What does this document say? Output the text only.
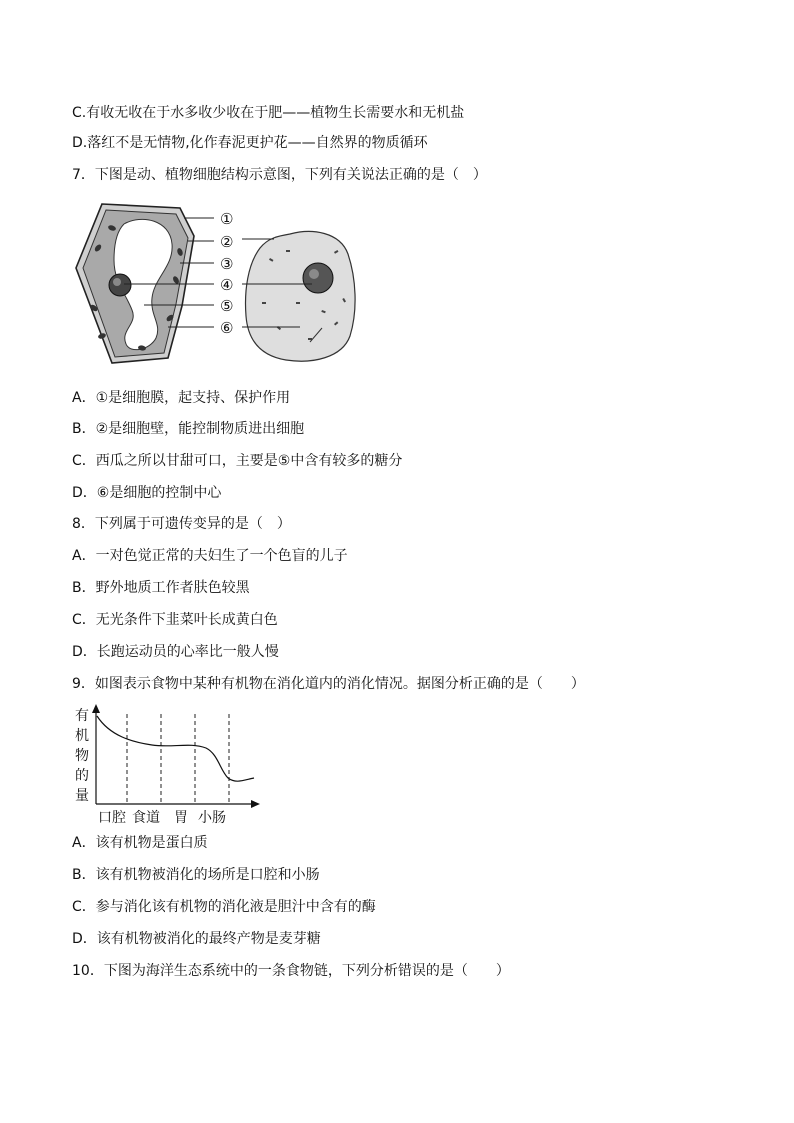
C.有收无收在于水多收少收在于肥——植物生长需要水和无机盐
D.落红不是无情物,化作春泥更护花——自然界的物质循环
7．下图是动、植物细胞结构示意图，下列有关说法正确的是（　）
①
②
③
④
⑤
⑥
A．①是细胞膜，起支持、保护作用
B．②是细胞壁，能控制物质进出细胞
C．西瓜之所以甘甜可口，主要是⑤中含有较多的糖分
D．⑥是细胞的控制中心
8．下列属于可遗传变异的是（　）
A．一对色觉正常的夫妇生了一个色盲的儿子
B．野外地质工作者肤色较黑
C．无光条件下韭菜叶长成黄白色
D．长跑运动员的心率比一般人慢
9．如图表示食物中某种有机物在消化道内的消化情况。据图分析正确的是（　　）
有
机
物
的
量
口腔 食道 胃 小肠
A．该有机物是蛋白质
B．该有机物被消化的场所是口腔和小肠
C．参与消化该有机物的消化液是胆汁中含有的酶
D．该有机物被消化的最终产物是麦芽糖
10．下图为海洋生态系统中的一条食物链，下列分析错误的是（　　）
